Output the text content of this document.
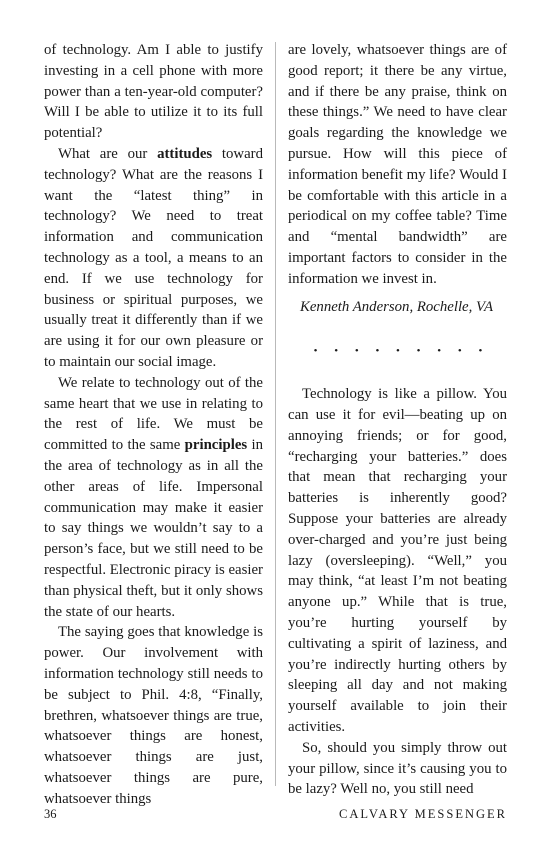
of technology. Am I able to justify investing in a cell phone with more power than a ten-year-old computer? Will I be able to utilize it to its full potential?

What are our attitudes toward technology? What are the reasons I want the “latest thing” in technology? We need to treat information and communication technology as a tool, a means to an end. If we use technology for business or spiritual purposes, we usually treat it differently than if we are using it for our own pleasure or to maintain our social image.

We relate to technology out of the same heart that we use in relating to the rest of life. We must be committed to the same principles in the area of technology as in all the other areas of life. Impersonal communication may make it easier to say things we wouldn’t say to a person’s face, but we still need to be respectful. Electronic piracy is easier than physical theft, but it only shows the state of our hearts.

The saying goes that knowledge is power. Our involvement with information technology still needs to be subject to Phil. 4:8, “Finally, brethren, whatsoever things are true, whatsoever things are honest, whatsoever things are just, whatsoever things are pure, whatsoever things

are lovely, whatsoever things are of good report; it there be any virtue, and if there be any praise, think on these things.” We need to have clear goals regarding the knowledge we pursue. How will this piece of information benefit my life? Would I be comfortable with this article in a periodical on my coffee table? Time and “mental bandwidth” are important factors to consider in the information we invest in.

Kenneth Anderson, Rochelle, VA

• • • • • • • • •

Technology is like a pillow. You can use it for evil—beating up on annoying friends; or for good, “recharging your batteries.” does that mean that recharging your batteries is inherently good? Suppose your batteries are already over-charged and you’re just being lazy (oversleeping). “Well,” you may think, “at least I’m not beating anyone up.” While that is true, you’re hurting yourself by cultivating a spirit of laziness, and you’re indirectly hurting others by sleeping all day and not making yourself available to join their activities.

So, should you simply throw out your pillow, since it’s causing you to be lazy? Well no, you still need

36	CALVARY MESSENGER
